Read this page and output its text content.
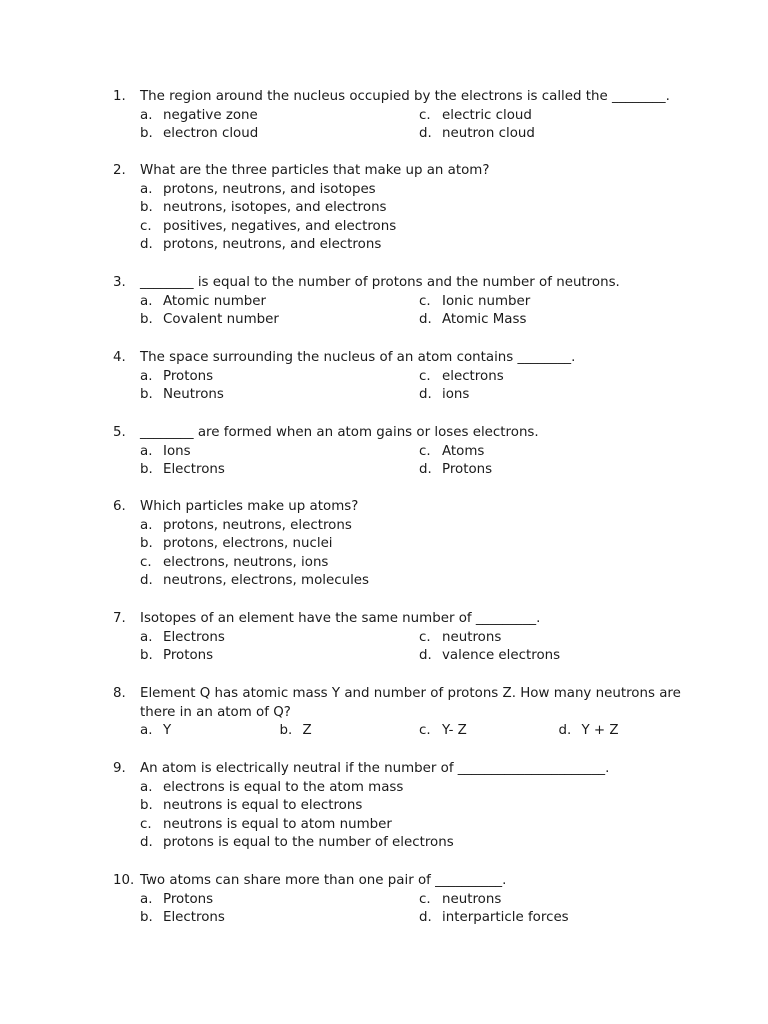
1.	The region around the nucleus occupied by the electrons is called the ________.
a. negative zone	c. electric cloud
b. electron cloud	d. neutron cloud
2.	What are the three particles that make up an atom?
a. protons, neutrons, and isotopes
b. neutrons, isotopes, and electrons
c. positives, negatives, and electrons
d. protons, neutrons, and electrons
3.	________ is equal to the number of protons and the number of neutrons.
a. Atomic number	c. Ionic number
b. Covalent number	d. Atomic Mass
4.	The space surrounding the nucleus of an atom contains ________.
a. Protons	c. electrons
b. Neutrons	d. ions
5.	________ are formed when an atom gains or loses electrons.
a. Ions	c. Atoms
b. Electrons	d. Protons
6.	Which particles make up atoms?
a. protons, neutrons, electrons
b. protons, electrons, nuclei
c. electrons, neutrons, ions
d. neutrons, electrons, molecules
7.	Isotopes of an element have the same number of _________.
a. Electrons	c. neutrons
b. Protons	d. valence electrons
8.	Element Q has atomic mass Y and number of protons Z. How many neutrons are there in an atom of Q?
a. Y	b. Z	c. Y- Z	d. Y + Z
9.	An atom is electrically neutral if the number of ______________________.
a. electrons is equal to the atom mass
b. neutrons is equal to electrons
c. neutrons is equal to atom number
d. protons is equal to the number of electrons
10. Two atoms can share more than one pair of __________.
a. Protons	c. neutrons
b. Electrons	d. interparticle forces
